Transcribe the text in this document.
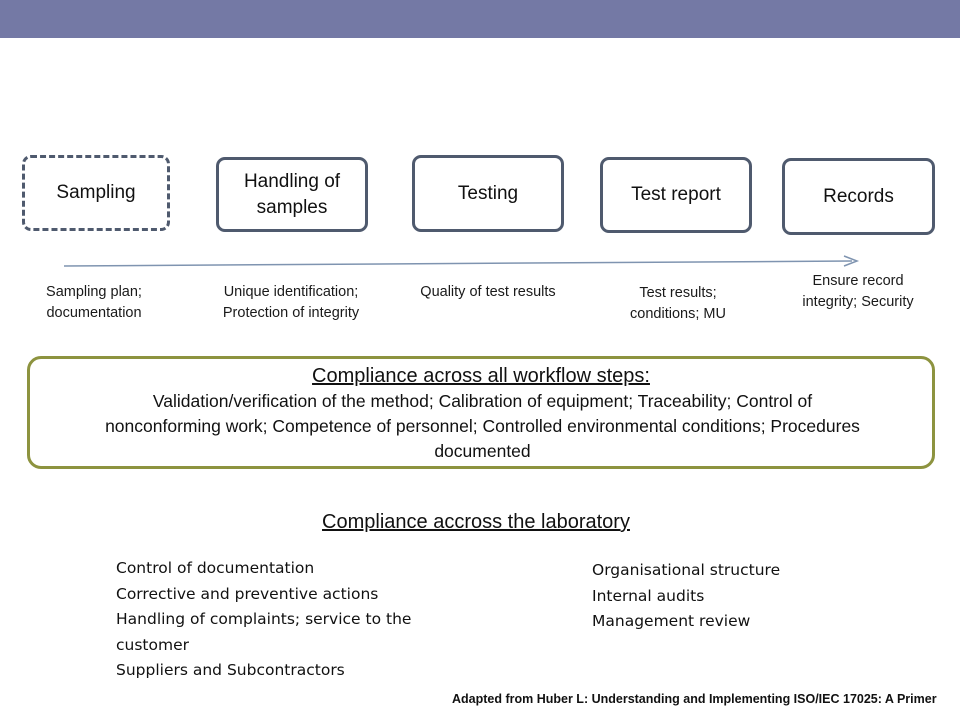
Sampling
Handling of samples
Testing	Test report	Records
Sampling plan; documentation
Unique identification; Protection of integrity
Quality of test results	Test results; conditions; MU
Ensure record integrity; Security
Compliance across all workflow steps:
Validation/verification of the method; Calibration of equipment; Traceability; Control of nonconforming work; Competence of personnel; Controlled environmental conditions; Procedures documented
Compliance accross the laboratory
Control of documentation
Corrective and preventive actions
Handling of complaints; service to the customer
Suppliers and Subcontractors
Organisational structure
Internal audits
Management review
Adapted from Huber L: Understanding and Implementing ISO/IEC 17025: A Primer
